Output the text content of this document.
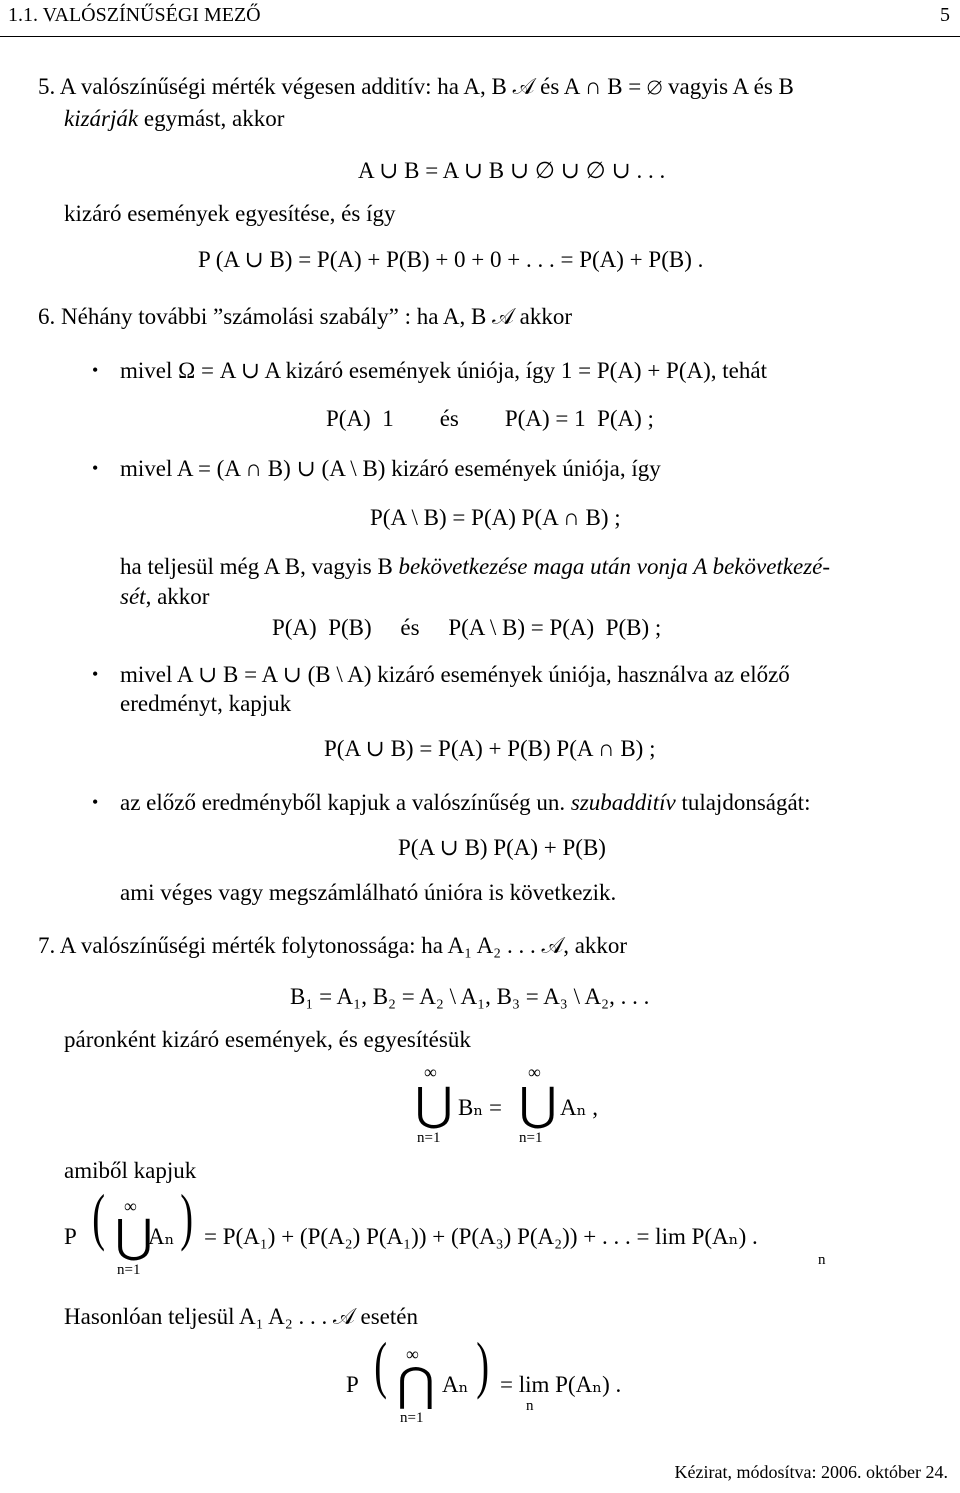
1.1. VALÓSZÍNŰSÉGI MEZŐ	5
5. A valószínűségi mérték végesen additív: ha A, B 𝒜 és A ∩ B = ∅ vagyis A és B
kizárják egymást, akkor
A ∪ B = A ∪ B ∪ ∅ ∪ ∅ ∪ . . .
kizáró események egyesítése, és így
P (A ∪ B) = P(A) + P(B) + 0 + 0 + . . . = P(A) + P(B) .
6. Néhány további ”számolási szabály” : ha A, B 𝒜 akkor
• mivel Ω = A ∪ A kizáró események úniója, így 1 = P(A) + P(A), tehát
P(A)  1        és        P(A) = 1  P(A) ;
• mivel A = (A ∩ B) ∪ (A \ B) kizáró események úniója, így
P(A \ B) = P(A) P(A ∩ B) ;
ha teljesül még A B, vagyis B bekövetkezése maga után vonja A bekövetkezé-
sét, akkor
P(A)  P(B)     és     P(A \ B) = P(A)  P(B) ;
• mivel A ∪ B = A ∪ (B \ A) kizáró események úniója, használva az előző
eredményt, kapjuk
P(A ∪ B) = P(A) + P(B) P(A ∩ B) ;
• az előző eredményből kapjuk a valószínűség un. szubadditív tulajdonságát:
P(A ∪ B) P(A) + P(B)
ami véges vagy megszámlálható únióra is következik.
7. A valószínűségi mérték folytonossága: ha A₁ A₂ . . . 𝒜, akkor
B₁ = A₁, B₂ = A₂ \ A₁, B₃ = A₃ \ A₂, . . .
páronként kizáró események, és egyesítésük
∞
⋃
n=1
Bₙ =
∞
⋃
n=1
Aₙ ,
amiből kapjuk
P ( ∞
⋃
n=1
Aₙ ) = P(A₁) + (P(A₂) P(A₁)) + (P(A₃) P(A₂)) + . . . = lim P(Aₙ) .
n
Hasonlóan teljesül A₁ A₂ . . . 𝒜 esetén
P ( ∞
⋂
n=1
Aₙ ) = lim P(Aₙ) .
n
Kézirat, módosítva: 2006. október 24.
